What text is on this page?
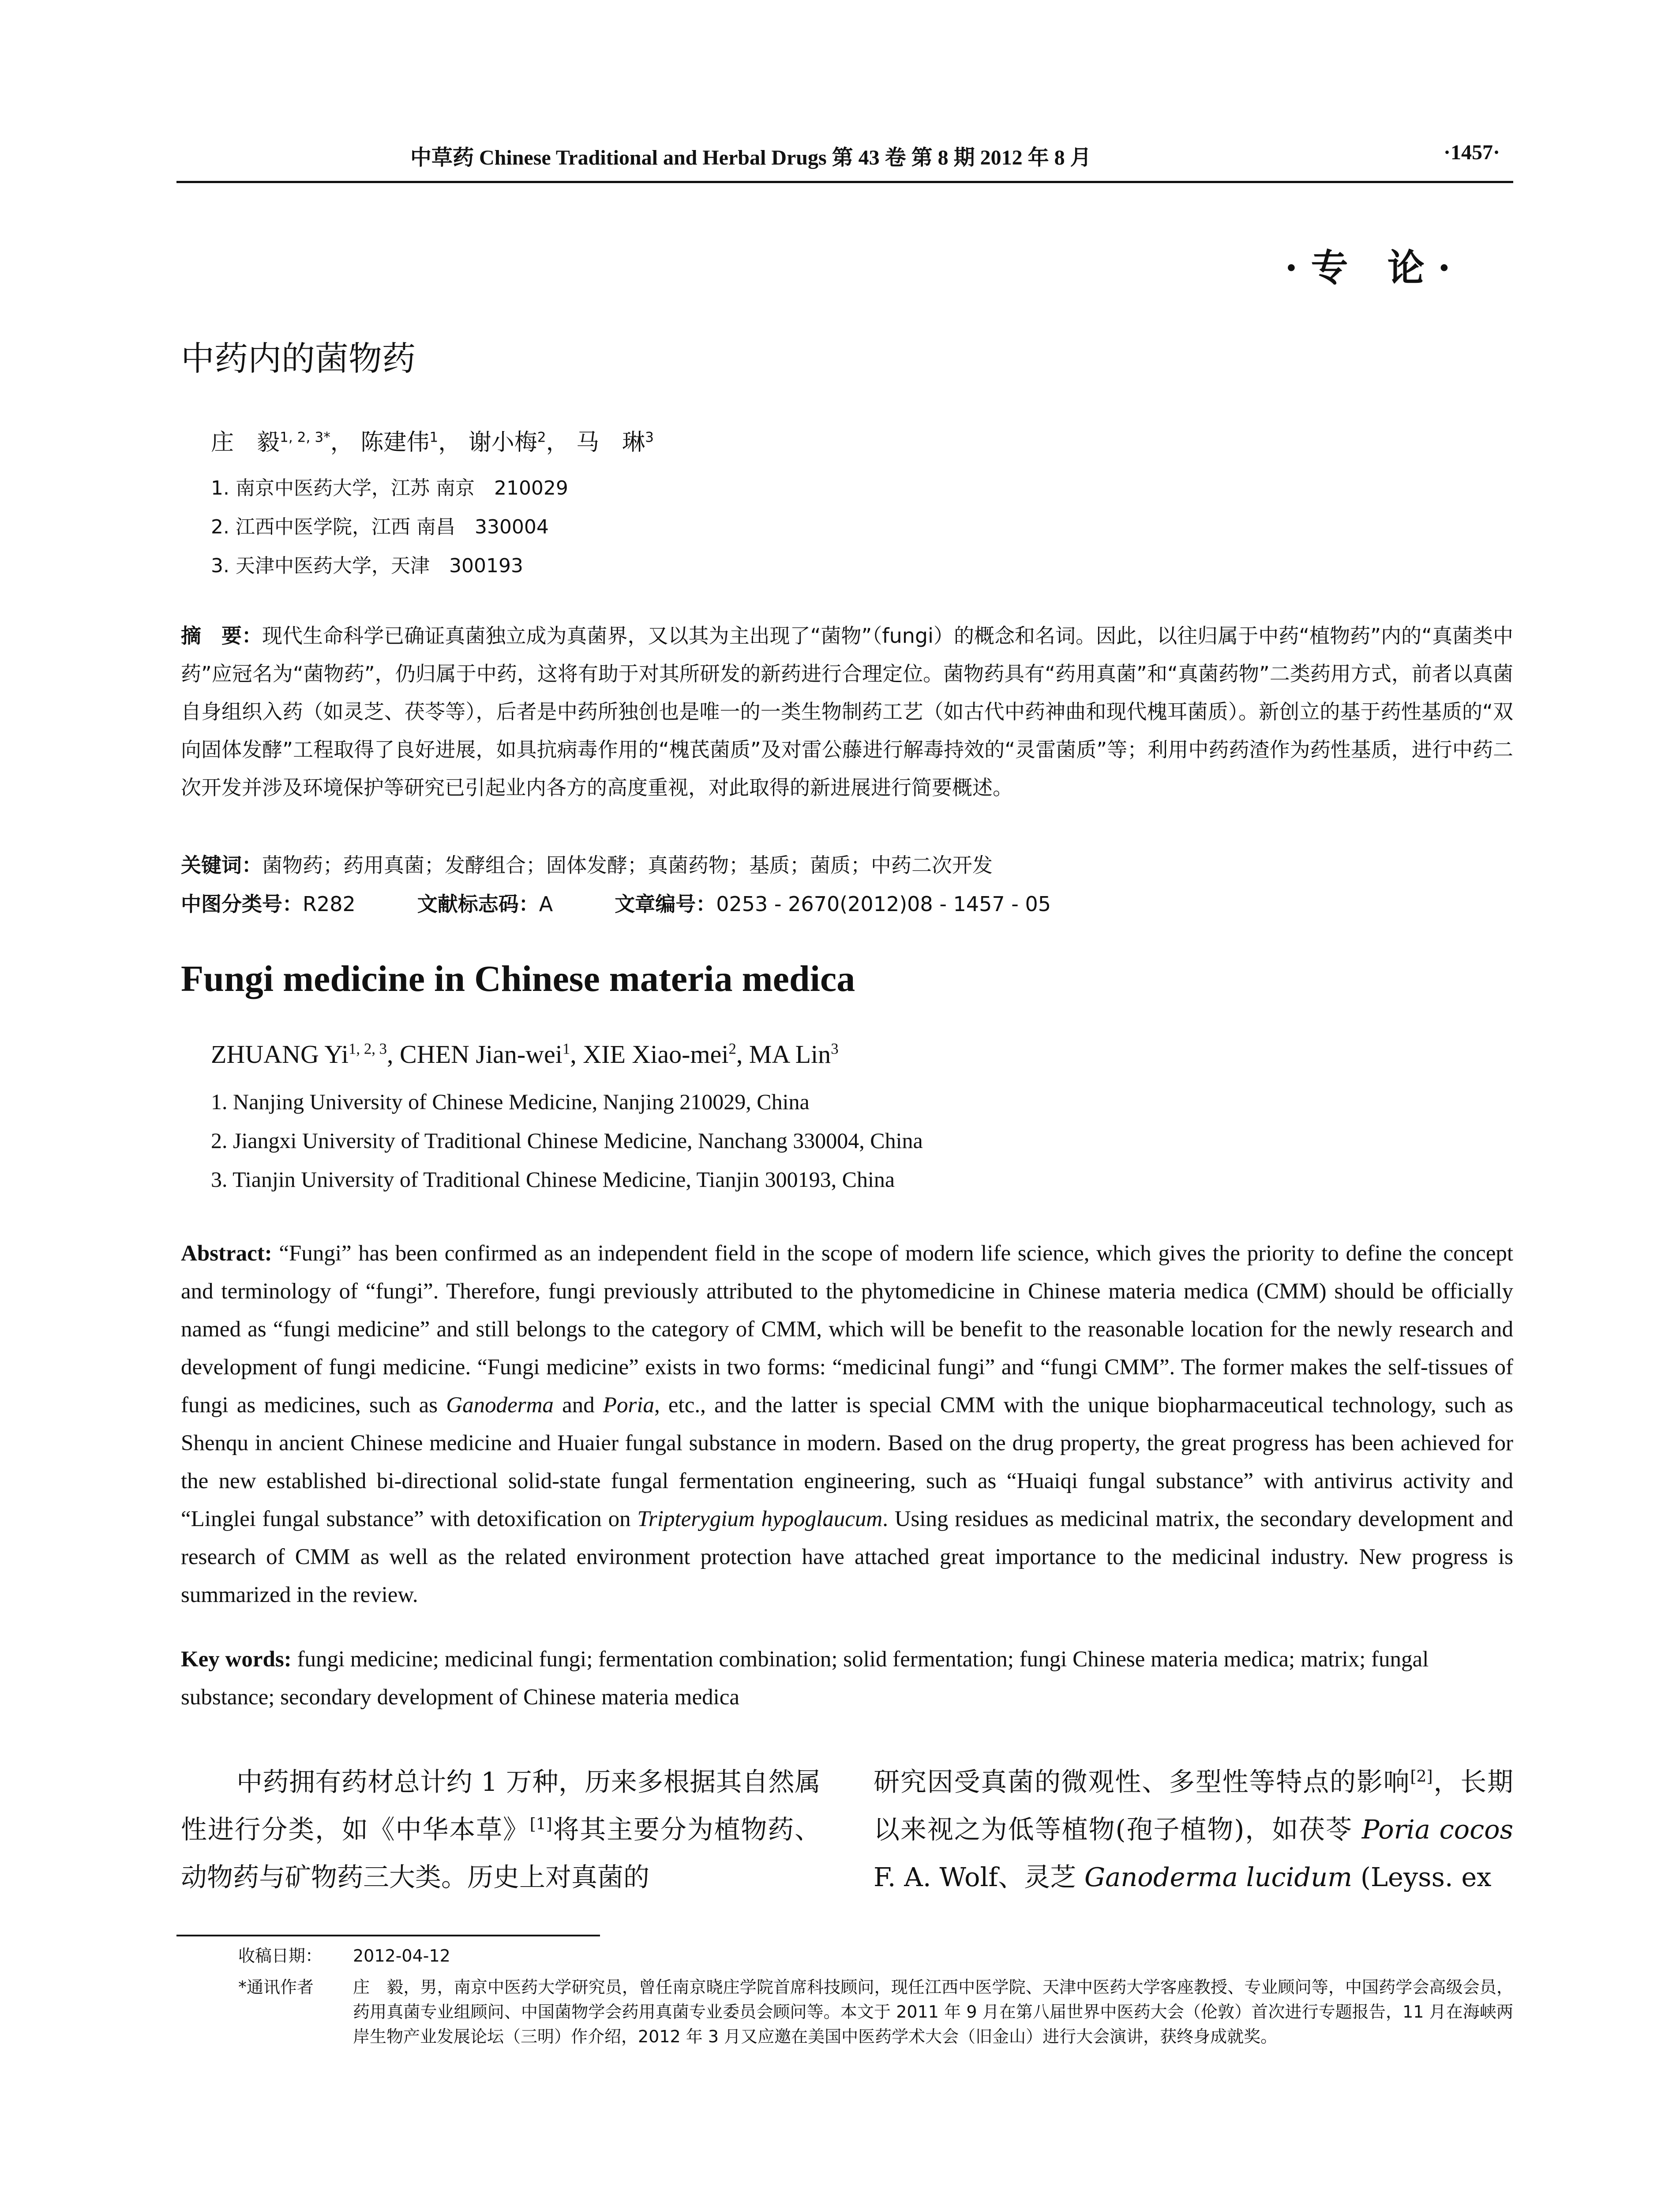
中草药 Chinese Traditional and Herbal Drugs 第 43 卷 第 8 期 2012 年 8 月	·1457·
·专 论·
中药内的菌物药
庄　毅$^{1, 2, 3*}$， 陈建伟$^1$， 谢小梅$^2$， 马　琳$^3$
1. 南京中医药大学，江苏 南京　210029
2. 江西中医学院，江西 南昌　330004
3. 天津中医药大学，天津　300193
摘　要：现代生命科学已确证真菌独立成为真菌界，又以其为主出现了“菌物”（fungi）的概念和名词。因此，以往归属于中药“植物药”内的“真菌类中药”应冠名为“菌物药”，仍归属于中药，这将有助于对其所研发的新药进行合理定位。菌物药具有“药用真菌”和“真菌药物”二类药用方式，前者以真菌自身组织入药（如灵芝、茯苓等），后者是中药所独创也是唯一的一类生物制药工艺（如古代中药神曲和现代槐耳菌质）。新创立的基于药性基质的“双向固体发酵”工程取得了良好进展，如具抗病毒作用的“槐芪菌质”及对雷公藤进行解毒持效的“灵雷菌质”等；利用中药药渣作为药性基质，进行中药二次开发并涉及环境保护等研究已引起业内各方的高度重视，对此取得的新进展进行简要概述。
关键词：菌物药；药用真菌；发酵组合；固体发酵；真菌药物；基质；菌质；中药二次开发
中图分类号：R282	文献标志码：A	文章编号：0253 - 2670(2012)08 - 1457 - 05
Fungi medicine in Chinese materia medica
ZHUANG Yi$^{1, 2, 3}$, CHEN Jian-wei$^1$, XIE Xiao-mei$^2$, MA Lin$^3$
1. Nanjing University of Chinese Medicine, Nanjing 210029, China
2. Jiangxi University of Traditional Chinese Medicine, Nanchang 330004, China
3. Tianjin University of Traditional Chinese Medicine, Tianjin 300193, China
Abstract: “Fungi” has been confirmed as an independent field in the scope of modern life science, which gives the priority to define the concept and terminology of “fungi”. Therefore, fungi previously attributed to the phytomedicine in Chinese materia medica (CMM) should be officially named as “fungi medicine” and still belongs to the category of CMM, which will be benefit to the reasonable location for the newly research and development of fungi medicine. “Fungi medicine” exists in two forms: “medicinal fungi” and “fungi CMM”. The former makes the self-tissues of fungi as medicines, such as Ganoderma and Poria, etc., and the latter is special CMM with the unique biopharmaceutical technology, such as Shenqu in ancient Chinese medicine and Huaier fungal substance in modern. Based on the drug property, the great progress has been achieved for the new established bi-directional solid-state fungal fermentation engineering, such as “Huaiqi fungal substance” with antivirus activity and “Linglei fungal substance” with detoxification on Tripterygium hypoglaucum. Using residues as medicinal matrix, the secondary development and research of CMM as well as the related environment protection have attached great importance to the medicinal industry. New progress is summarized in the review.
Key words: fungi medicine; medicinal fungi; fermentation combination; solid fermentation; fungi Chinese materia medica; matrix; fungal substance; secondary development of Chinese materia medica
中药拥有药材总计约 1 万种，历来多根据其自然属性进行分类，如《中华本草》[1]将其主要分为植物药、动物药与矿物药三大类。历史上对真菌的
研究因受真菌的微观性、多型性等特点的影响[2]，长期以来视之为低等植物(孢子植物)，如茯苓 Poria cocos F. A. Wolf、灵芝 Ganoderma lucidum (Leyss. ex
收稿日期： 2012-04-12
*通讯作者 庄　毅，男，南京中医药大学研究员，曾任南京晓庄学院首席科技顾问，现任江西中医学院、天津中医药大学客座教授、专业顾问等，中国药学会高级会员，药用真菌专业组顾问、中国菌物学会药用真菌专业委员会顾问等。本文于 2011 年 9 月在第八届世界中医药大会（伦敦）首次进行专题报告，11 月在海峡两岸生物产业发展论坛（三明）作介绍，2012 年 3 月又应邀在美国中医药学术大会（旧金山）进行大会演讲，获终身成就奖。
